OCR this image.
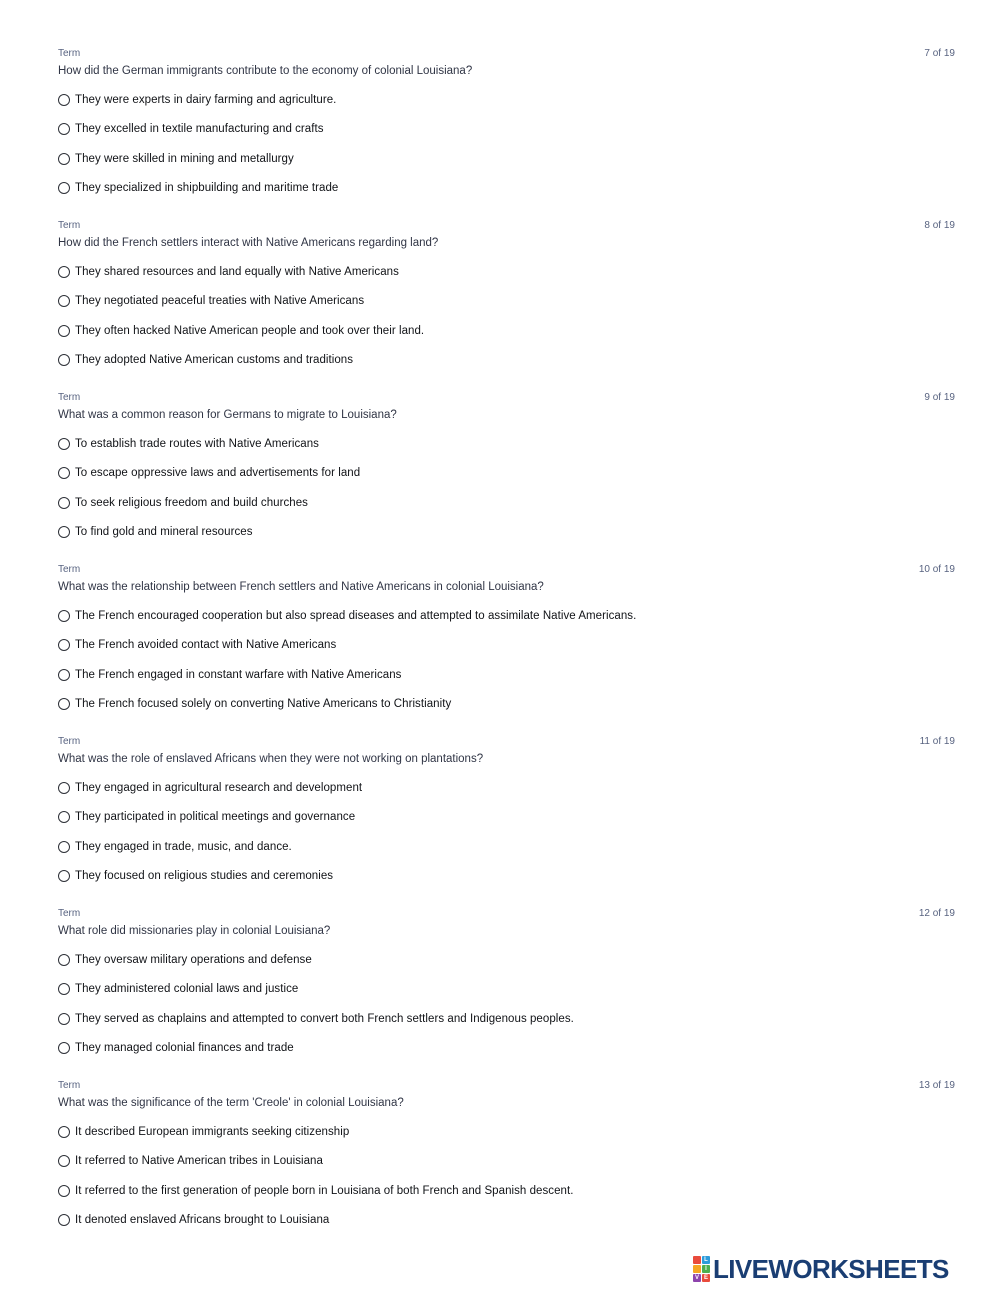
Term	7 of 19
How did the German immigrants contribute to the economy of colonial Louisiana?
They were experts in dairy farming and agriculture.
They excelled in textile manufacturing and crafts
They were skilled in mining and metallurgy
They specialized in shipbuilding and maritime trade
Term	8 of 19
How did the French settlers interact with Native Americans regarding land?
They shared resources and land equally with Native Americans
They negotiated peaceful treaties with Native Americans
They often hacked Native American people and took over their land.
They adopted Native American customs and traditions
Term	9 of 19
What was a common reason for Germans to migrate to Louisiana?
To establish trade routes with Native Americans
To escape oppressive laws and advertisements for land
To seek religious freedom and build churches
To find gold and mineral resources
Term	10 of 19
What was the relationship between French settlers and Native Americans in colonial Louisiana?
The French encouraged cooperation but also spread diseases and attempted to assimilate Native Americans.
The French avoided contact with Native Americans
The French engaged in constant warfare with Native Americans
The French focused solely on converting Native Americans to Christianity
Term	11 of 19
What was the role of enslaved Africans when they were not working on plantations?
They engaged in agricultural research and development
They participated in political meetings and governance
They engaged in trade, music, and dance.
They focused on religious studies and ceremonies
Term	12 of 19
What role did missionaries play in colonial Louisiana?
They oversaw military operations and defense
They administered colonial laws and justice
They served as chaplains and attempted to convert both French settlers and Indigenous peoples.
They managed colonial finances and trade
Term	13 of 19
What was the significance of the term 'Creole' in colonial Louisiana?
It described European immigrants seeking citizenship
It referred to Native American tribes in Louisiana
It referred to the first generation of people born in Louisiana of both French and Spanish descent.
It denoted enslaved Africans brought to Louisiana
L
I
V E LIVEWORKSHEETS
